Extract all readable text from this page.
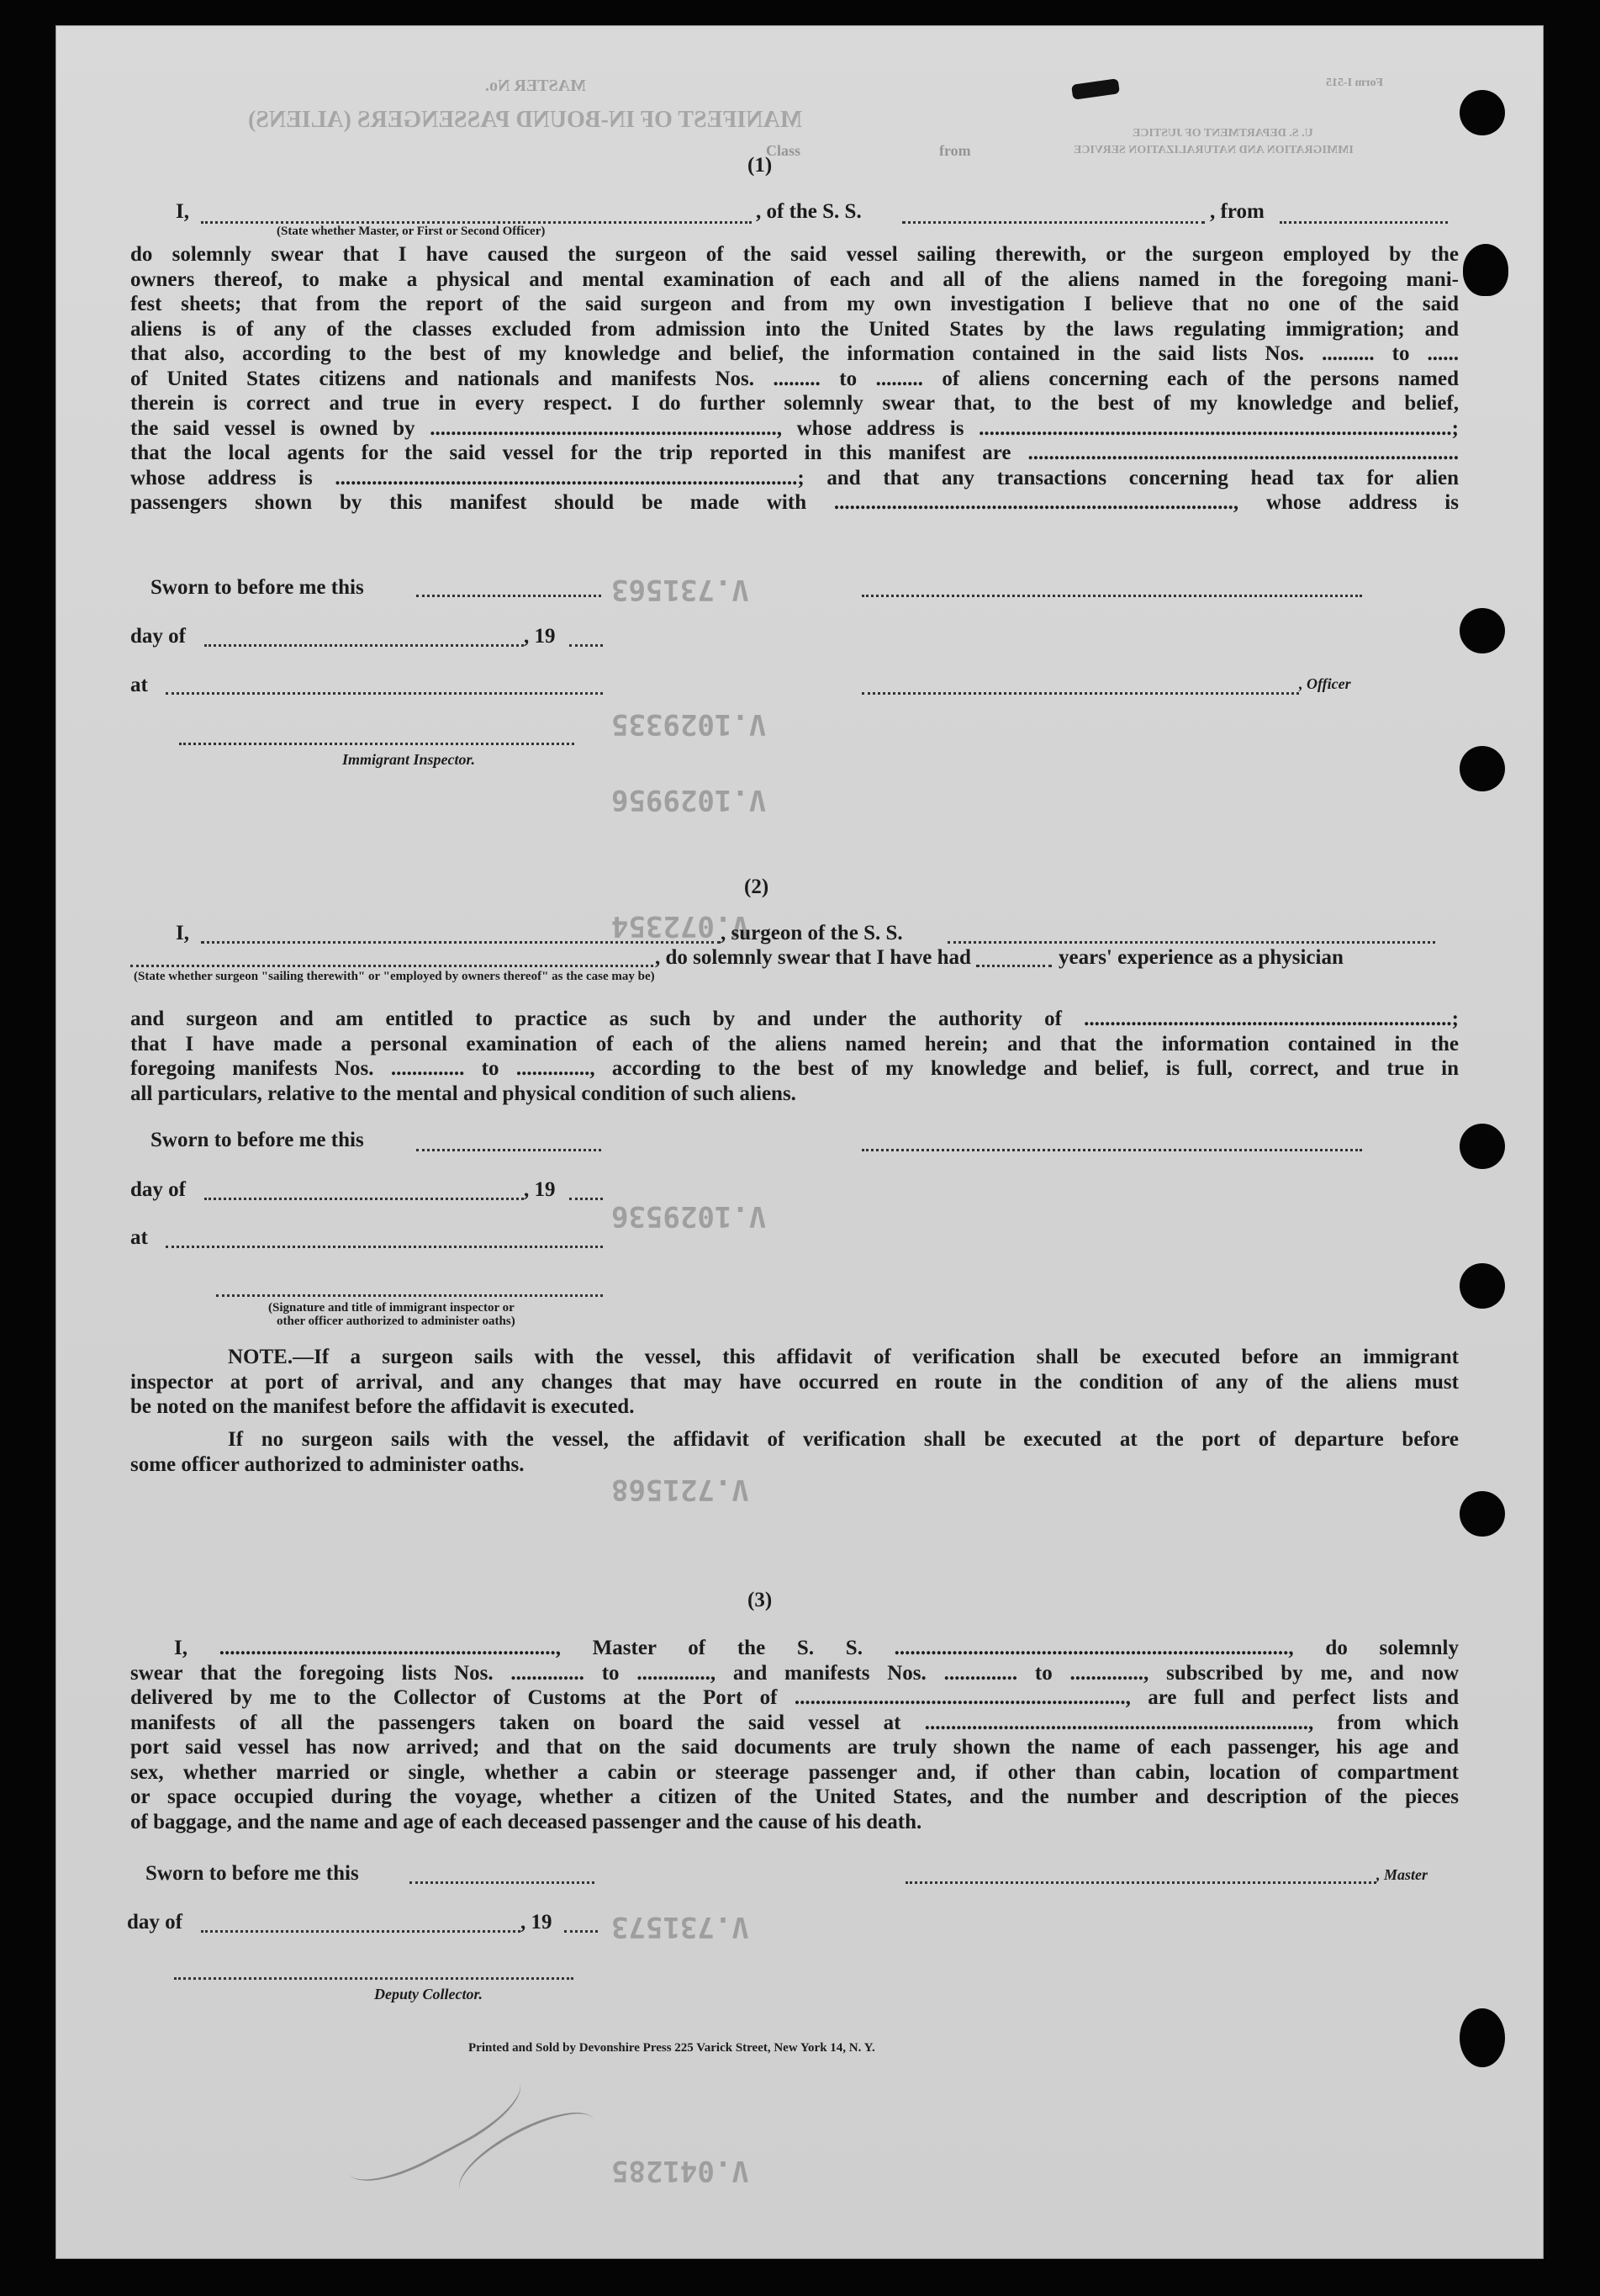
MANIFEST OF IN-BOUND PASSENGERS (ALIENS)
MASTER No.
Class	from
Form I-515
U. S. DEPARTMENT OF JUSTICE
IMMIGRATION AND NATURALIZATION SERVICE
V.731563
V.1029335
V.1029956
V.072354
V.1029536
V.721568
V.731573
V.041285
(1)
I,	, of the S. S.	, from
(State whether Master, or First or Second Officer)
do solemnly swear that I have caused the surgeon of the said vessel sailing therewith, or the surgeon employed by the
owners thereof, to make a physical and mental examination of each and all of the aliens named in the foregoing mani-
fest sheets; that from the report of the said surgeon and from my own investigation I believe that no one of the said
aliens is of any of the classes excluded from admission into the United States by the laws regulating immigration; and
that also, according to the best of my knowledge and belief, the information contained in the said lists Nos. .......... to ......
of United States citizens and nationals and manifests Nos. ......... to ......... of aliens concerning each of the persons named
therein is correct and true in every respect. I do further solemnly swear that, to the best of my knowledge and belief,
the said vessel is owned by .................................................................., whose address is ..........................................................................................;
that the local agents for the said vessel for the trip reported in this manifest are ..................................................................................
whose address is ........................................................................................; and that any transactions concerning head tax for alien
passengers shown by this manifest should be made with ............................................................................, whose address is
Sworn to before me this
day of	, 19
at	, Officer
Immigrant Inspector.
(2)
I,	, surgeon of the S. S.
, do solemnly swear that I have had	years' experience as a physician
(State whether surgeon "sailing therewith" or "employed by owners thereof" as the case may be)
and surgeon and am entitled to practice as such by and under the authority of ......................................................................;
that I have made a personal examination of each of the aliens named herein; and that the information contained in the
foregoing manifests Nos. .............. to .............., according to the best of my knowledge and belief, is full, correct, and true in
all particulars, relative to the mental and physical condition of such aliens.
Sworn to before me this
day of	, 19
at
(Signature and title of immigrant inspector or
other officer authorized to administer oaths)
NOTE.—If a surgeon sails with the vessel, this affidavit of verification shall be executed before an immigrant
inspector at port of arrival, and any changes that may have occurred en route in the condition of any of the aliens must
be noted on the manifest before the affidavit is executed.
If no surgeon sails with the vessel, the affidavit of verification shall be executed at the port of departure before
some officer authorized to administer oaths.
(3)
I, ................................................................, Master of the S. S. ..........................................................................., do solemnly
swear that the foregoing lists Nos. .............. to .............., and manifests Nos. .............. to .............., subscribed by me, and now
delivered by me to the Collector of Customs at the Port of ..............................................................., are full and perfect lists and
manifests of all the passengers taken on board the said vessel at ........................................................................., from which
port said vessel has now arrived; and that on the said documents are truly shown the name of each passenger, his age and
sex, whether married or single, whether a cabin or steerage passenger and, if other than cabin, location of compartment
or space occupied during the voyage, whether a citizen of the United States, and the number and description of the pieces
of baggage, and the name and age of each deceased passenger and the cause of his death.
Sworn to before me this	, Master
day of	, 19
Deputy Collector.
Printed and Sold by Devonshire Press 225 Varick Street, New York 14, N. Y.
